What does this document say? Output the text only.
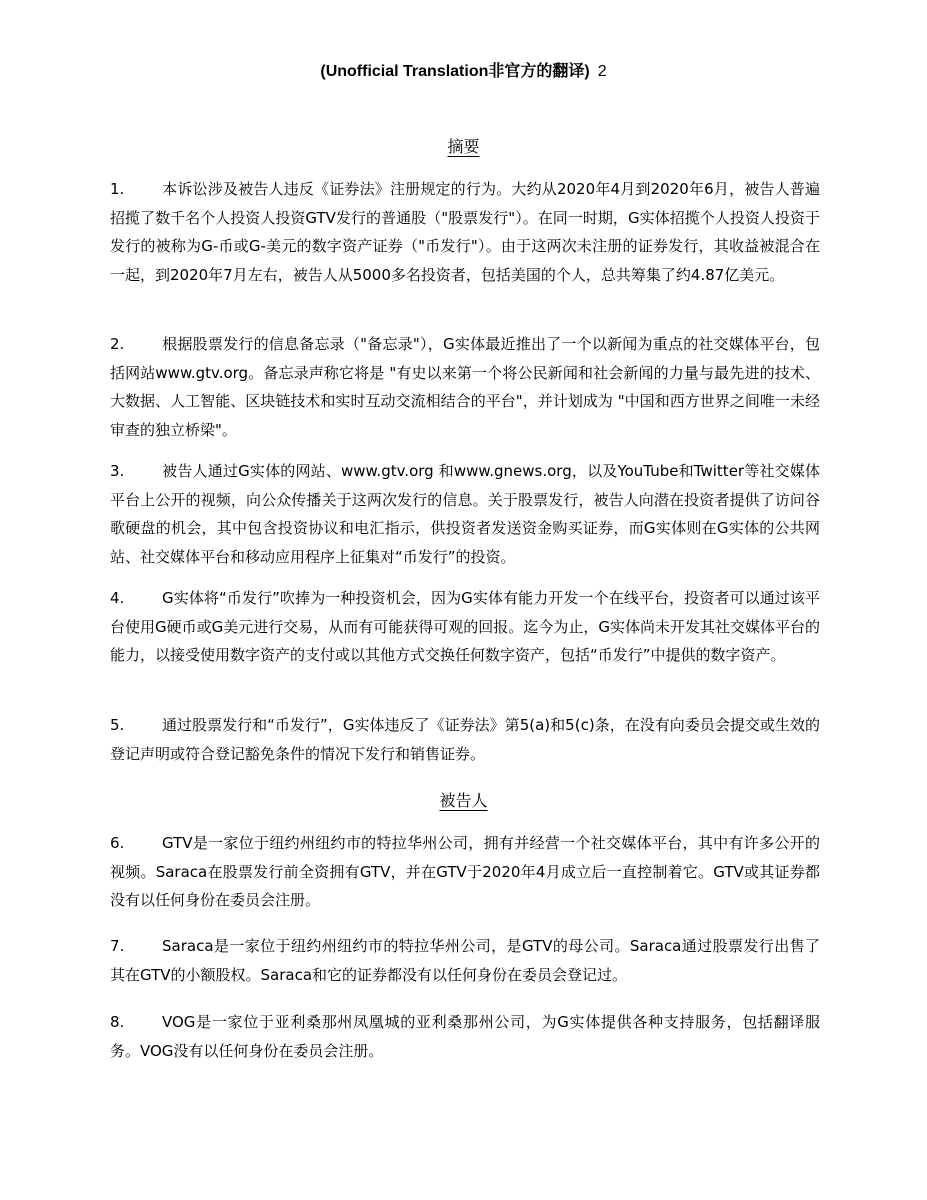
(Unofficial Translation非官方的翻译) 2
摘要
1.	本诉讼涉及被告人违反《证券法》注册规定的行为。大约从2020年4月到2020年6月，被告人普遍招揽了数千名个人投资人投资GTV发行的普通股（"股票发行"）。在同一时期，G实体招揽个人投资人投资于发行的被称为G-币或G-美元的数字资产证券（"币发行"）。由于这两次未注册的证券发行，其收益被混合在一起，到2020年7月左右，被告人从5000多名投资者，包括美国的个人，总共筹集了约4.87亿美元。
2.	根据股票发行的信息备忘录（"备忘录"），G实体最近推出了一个以新闻为重点的社交媒体平台，包括网站www.gtv.org。备忘录声称它将是 "有史以来第一个将公民新闻和社会新闻的力量与最先进的技术、大数据、人工智能、区块链技术和实时互动交流相结合的平台"，并计划成为 "中国和西方世界之间唯一未经审查的独立桥梁"。
3.	被告人通过G实体的网站、www.gtv.org 和www.gnews.org，以及YouTube和Twitter等社交媒体平台上公开的视频，向公众传播关于这两次发行的信息。关于股票发行，被告人向潜在投资者提供了访问谷歌硬盘的机会，其中包含投资协议和电汇指示，供投资者发送资金购买证券，而G实体则在G实体的公共网站、社交媒体平台和移动应用程序上征集对“币发行”的投资。
4.	G实体将“币发行”吹捧为一种投资机会，因为G实体有能力开发一个在线平台，投资者可以通过该平台使用G硬币或G美元进行交易，从而有可能获得可观的回报。迄今为止，G实体尚未开发其社交媒体平台的能力，以接受使用数字资产的支付或以其他方式交换任何数字资产，包括“币发行”中提供的数字资产。
5.	通过股票发行和“币发行”，G实体违反了《证券法》第5(a)和5(c)条，在没有向委员会提交或生效的登记声明或符合登记豁免条件的情况下发行和销售证券。
被告人
6.	GTV是一家位于纽约州纽约市的特拉华州公司，拥有并经营一个社交媒体平台，其中有许多公开的视频。Saraca在股票发行前全资拥有GTV，并在GTV于2020年4月成立后一直控制着它。GTV或其证券都没有以任何身份在委员会注册。
7.	Saraca是一家位于纽约州纽约市的特拉华州公司，是GTV的母公司。Saraca通过股票发行出售了其在GTV的小额股权。Saraca和它的证券都没有以任何身份在委员会登记过。
8.	VOG是一家位于亚利桑那州凤凰城的亚利桑那州公司，为G实体提供各种支持服务，包括翻译服务。VOG没有以任何身份在委员会注册。
